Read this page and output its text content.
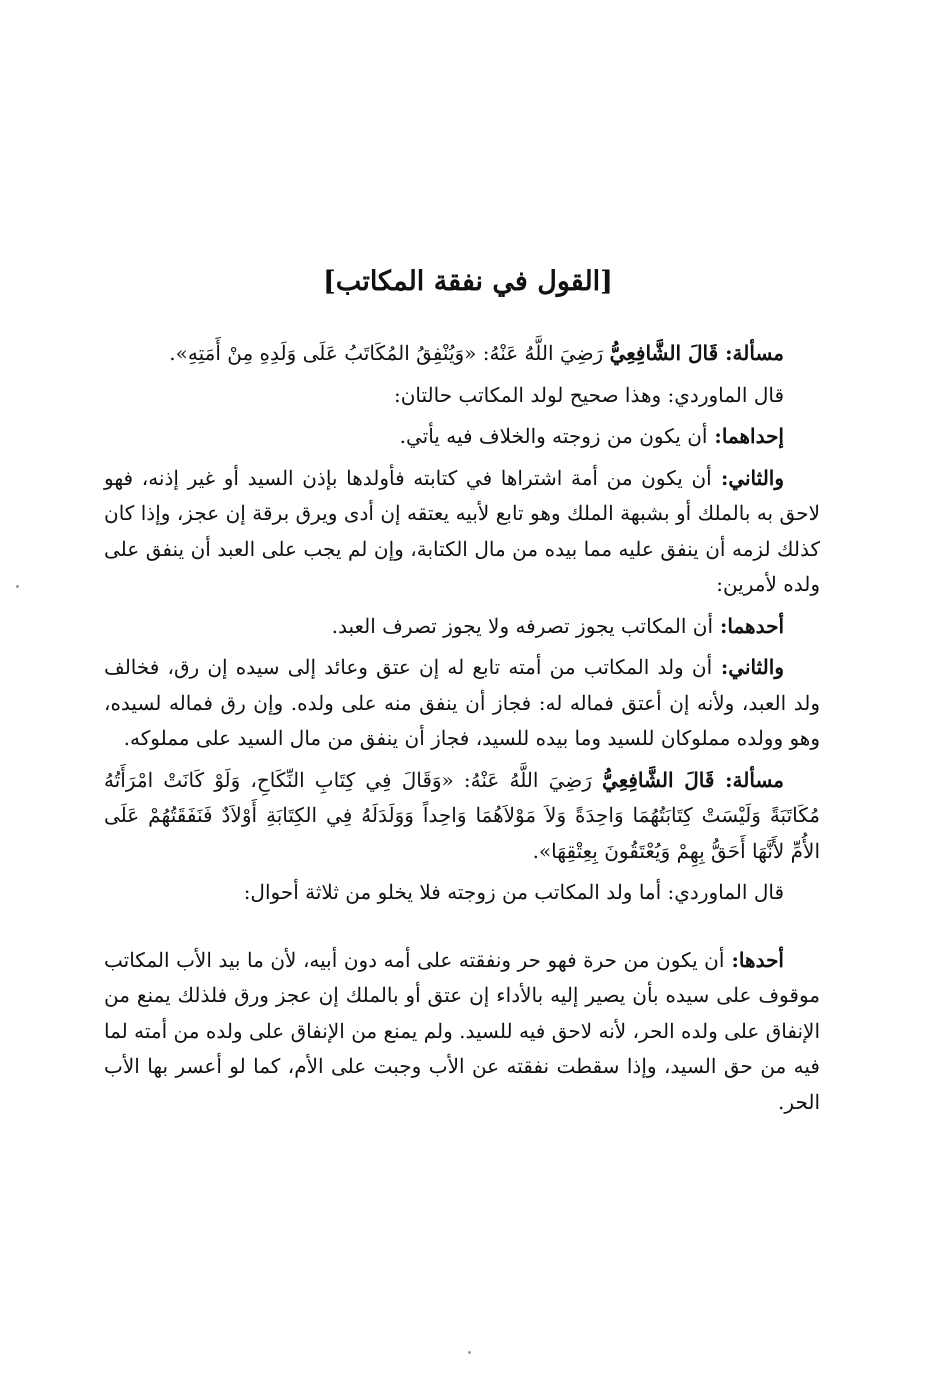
[القول في نفقة المكاتب]

مسألة: قَالَ الشَّافِعِيُّ رَضِيَ اللَّهُ عَنْهُ: «وَيُنْفِقُ المُكَاتَبُ عَلَى وَلَدِهِ مِنْ أَمَتِهِ».

قال الماوردي: وهذا صحيح لولد المكاتب حالتان:

إحداهما: أن يكون من زوجته والخلاف فيه يأتي.

والثاني: أن يكون من أمة اشتراها في كتابته فأولدها بإذن السيد أو غير إذنه، فهو لاحق به بالملك أو بشبهة الملك وهو تابع لأبيه يعتقه إن أدى ويرق برقة إن عجز، وإذا كان كذلك لزمه أن ينفق عليه مما بيده من مال الكتابة، وإن لم يجب على العبد أن ينفق على ولده لأمرين:

أحدهما: أن المكاتب يجوز تصرفه ولا يجوز تصرف العبد.

والثاني: أن ولد المكاتب من أمته تابع له إن عتق وعائد إلى سيده إن رق، فخالف ولد العبد، ولأنه إن أعتق فماله له: فجاز أن ينفق منه على ولده. وإن رق فماله لسيده، وهو وولده مملوكان للسيد وما بيده للسيد، فجاز أن ينفق من مال السيد على مملوكه.

مسألة: قَالَ الشَّافِعِيُّ رَضِيَ اللَّهُ عَنْهُ: «وَقَالَ فِي كِتَابِ النِّكَاحِ، وَلَوْ كَانَتْ امْرَأَتُهُ مُكَاتَبَةً وَلَيْسَتْ كِتَابَتُهُمَا وَاحِدَةً وَلاَ مَوْلاَهُمَا وَاحِداً وَوَلَدَلَهُ فِي الكِتَابَةِ أَوْلاَدٌ فَنَفَقَتُهُمْ عَلَى الأُمِّ لأَنَّهَا أَحَقُّ بِهِمْ وَيُعْتَقُونَ بِعِتْقِهَا».

قال الماوردي: أما ولد المكاتب من زوجته فلا يخلو من ثلاثة أحوال:

أحدها: أن يكون من حرة فهو حر ونفقته على أمه دون أبيه، لأن ما بيد الأب المكاتب موقوف على سيده بأن يصير إليه بالأداء إن عتق أو بالملك إن عجز ورق فلذلك يمنع من الإنفاق على ولده الحر، لأنه لاحق فيه للسيد. ولم يمنع من الإنفاق على ولده من أمته لما فيه من حق السيد، وإذا سقطت نفقته عن الأب وجبت على الأم، كما لو أعسر بها الأب الحر.
